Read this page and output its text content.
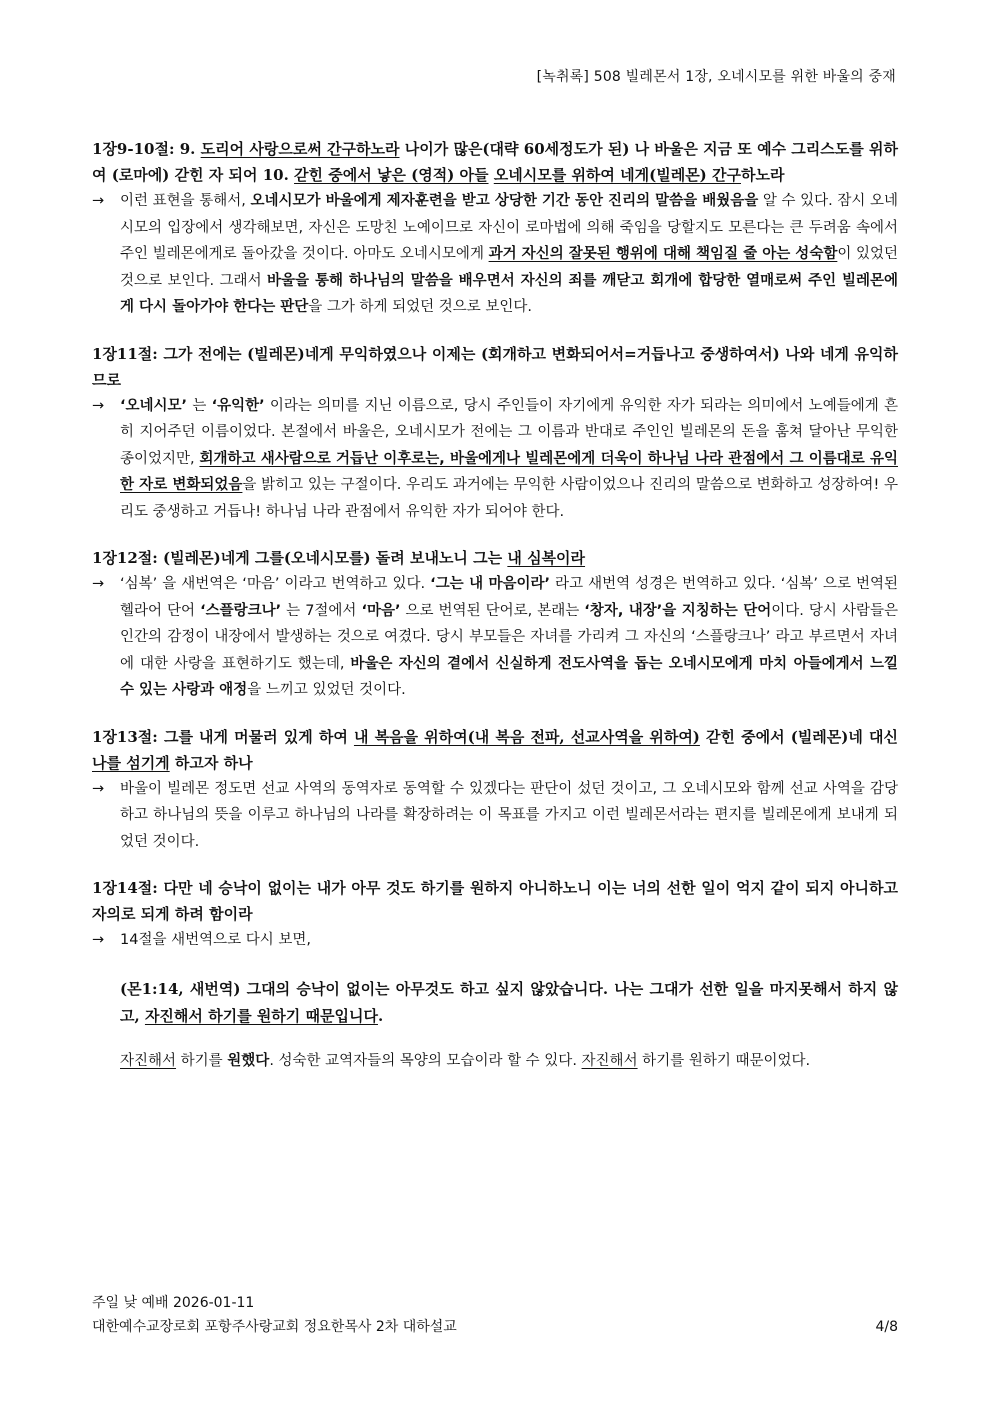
[녹취록] 508 빌레몬서 1장, 오네시모를 위한 바울의 중재

1장9-10절: 9. 도리어 사랑으로써 간구하노라 나이가 많은(대략 60세정도가 된) 나 바울은 지금 또 예수 그리스도를 위하여 (로마에) 갇힌 자 되어 10. 갇힌 중에서 낳은 (영적) 아들 오네시모를 위하여 네게(빌레몬) 간구하노라

→ 이런 표현을 통해서, 오네시모가 바울에게 제자훈련을 받고 상당한 기간 동안 진리의 말씀을 배웠음을 알 수 있다. 잠시 오네시모의 입장에서 생각해보면, 자신은 도망친 노예이므로 자신이 로마법에 의해 죽임을 당할지도 모른다는 큰 두려움 속에서 주인 빌레몬에게로 돌아갔을 것이다. 아마도 오네시모에게 과거 자신의 잘못된 행위에 대해 책임질 줄 아는 성숙함이 있었던 것으로 보인다. 그래서 바울을 통해 하나님의 말씀을 배우면서 자신의 죄를 깨닫고 회개에 합당한 열매로써 주인 빌레몬에게 다시 돌아가야 한다는 판단을 그가 하게 되었던 것으로 보인다.

1장11절: 그가 전에는 (빌레몬)네게 무익하였으나 이제는 (회개하고 변화되어서=거듭나고 중생하여서) 나와 네게 유익하므로

→ ‘오네시모’ 는 ‘유익한’ 이라는 의미를 지닌 이름으로, 당시 주인들이 자기에게 유익한 자가 되라는 의미에서 노예들에게 흔히 지어주던 이름이었다. 본절에서 바울은, 오네시모가 전에는 그 이름과 반대로 주인인 빌레몬의 돈을 훔쳐 달아난 무익한 종이었지만, 회개하고 새사람으로 거듭난 이후로는, 바울에게나 빌레몬에게 더욱이 하나님 나라 관점에서 그 이름대로 유익한 자로 변화되었음을 밝히고 있는 구절이다. 우리도 과거에는 무익한 사람이었으나 진리의 말씀으로 변화하고 성장하여! 우리도 중생하고 거듭나! 하나님 나라 관점에서 유익한 자가 되어야 한다.

1장12절: (빌레몬)네게 그를(오네시모를) 돌려 보내노니 그는 내 심복이라

→ ‘심복’ 을 새번역은 ‘마음’ 이라고 번역하고 있다. ‘그는 내 마음이라’ 라고 새번역 성경은 번역하고 있다. ‘심복’ 으로 번역된 헬라어 단어 ‘스플랑크나’ 는 7절에서 ‘마음’ 으로 번역된 단어로, 본래는 ‘창자, 내장’을 지칭하는 단어이다. 당시 사람들은 인간의 감정이 내장에서 발생하는 것으로 여겼다. 당시 부모들은 자녀를 가리켜 그 자신의 ‘스플랑크나’ 라고 부르면서 자녀에 대한 사랑을 표현하기도 했는데, 바울은 자신의 곁에서 신실하게 전도사역을 돕는 오네시모에게 마치 아들에게서 느낄 수 있는 사랑과 애정을 느끼고 있었던 것이다.

1장13절: 그를 내게 머물러 있게 하여 내 복음을 위하여(내 복음 전파, 선교사역을 위하여) 갇힌 중에서 (빌레몬)네 대신 나를 섬기게 하고자 하나

→ 바울이 빌레몬 정도면 선교 사역의 동역자로 동역할 수 있겠다는 판단이 섰던 것이고, 그 오네시모와 함께 선교 사역을 감당하고 하나님의 뜻을 이루고 하나님의 나라를 확장하려는 이 목표를 가지고 이런 빌레몬서라는 편지를 빌레몬에게 보내게 되었던 것이다.

1장14절: 다만 네 승낙이 없이는 내가 아무 것도 하기를 원하지 아니하노니 이는 너의 선한 일이 억지 같이 되지 아니하고 자의로 되게 하려 함이라

→ 14절을 새번역으로 다시 보면,

(몬1:14, 새번역) 그대의 승낙이 없이는 아무것도 하고 싶지 않았습니다. 나는 그대가 선한 일을 마지못해서 하지 않고, 자진해서 하기를 원하기 때문입니다.

자진해서 하기를 원했다. 성숙한 교역자들의 목양의 모습이라 할 수 있다. 자진해서 하기를 원하기 때문이었다.

주일 낮 예배 2026-01-11
대한예수교장로회 포항주사랑교회 정요한목사 2차 대하설교	4/8
